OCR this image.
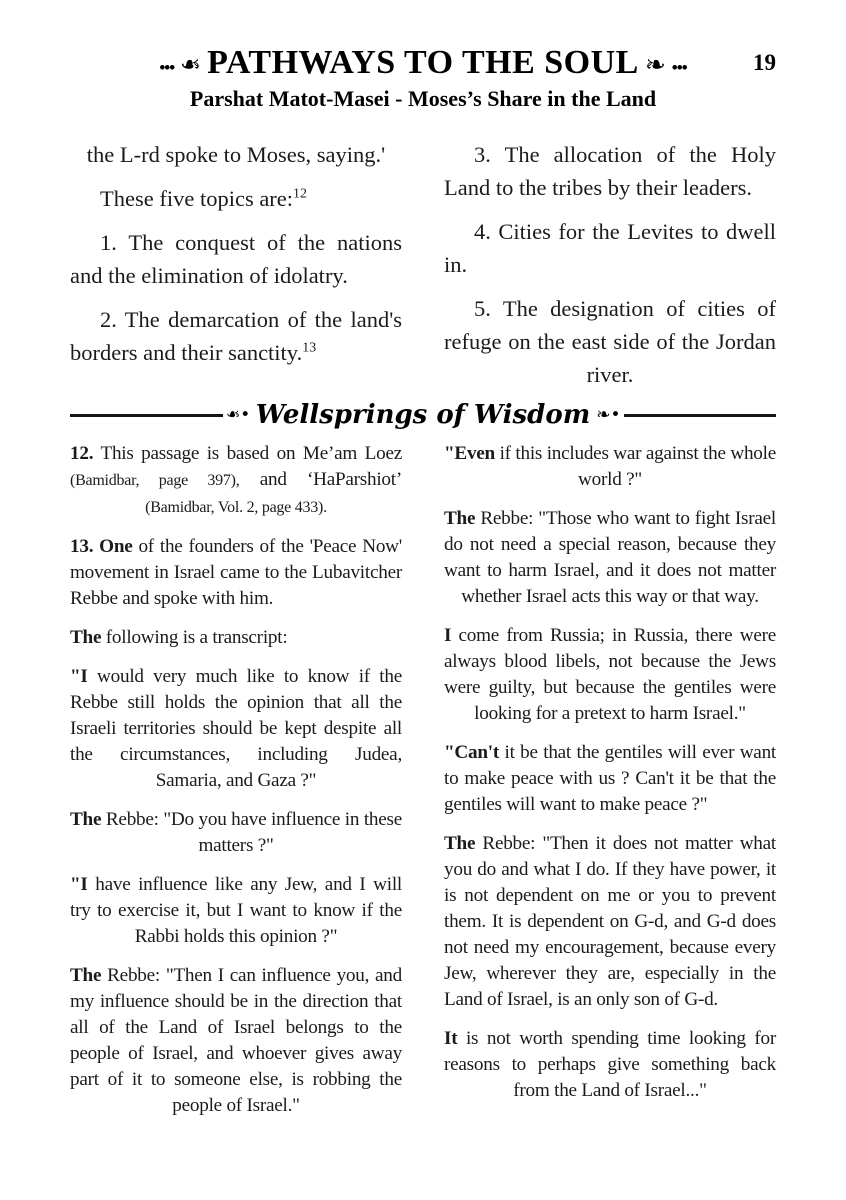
••• ❧ PATHWAYS TO THE SOUL ❧ •••	19
Parshat Matot-Masei - Moses’s Share in the Land

the L-rd spoke to Moses, saying.'

These five topics are:$^{12}$

1. The conquest of the nations and the elimination of idolatry.

2. The demarcation of the land's borders and their sanctity.$^{13}$

3. The allocation of the Holy Land to the tribes by their leaders.

4. Cities for the Levites to dwell in.

5. The designation of cities of refuge on the east side of the Jordan river.

•❧ Wellsprings of Wisdom ❧•

12. This passage is based on Me’am Loez (Bamidbar, page 397), and ‘HaParshiot’ (Bamidbar, Vol. 2, page 433).

13. One of the founders of the 'Peace Now' movement in Israel came to the Lubavitcher Rebbe and spoke with him.

The following is a transcript:

"I would very much like to know if the Rebbe still holds the opinion that all the Israeli territories should be kept despite all the circumstances, including Judea, Samaria, and Gaza ?"

The Rebbe: "Do you have influence in these matters ?"

"I have influence like any Jew, and I will try to exercise it, but I want to know if the Rabbi holds this opinion ?"

The Rebbe: "Then I can influence you, and my influence should be in the direction that all of the Land of Israel belongs to the people of Israel, and whoever gives away part of it to someone else, is robbing the people of Israel."

"Even if this includes war against the whole world ?"

The Rebbe: "Those who want to fight Israel do not need a special reason, because they want to harm Israel, and it does not matter whether Israel acts this way or that way.

I come from Russia; in Russia, there were always blood libels, not because the Jews were guilty, but because the gentiles were looking for a pretext to harm Israel."

"Can't it be that the gentiles will ever want to make peace with us ? Can't it be that the gentiles will want to make peace ?"

The Rebbe: "Then it does not matter what you do and what I do. If they have power, it is not dependent on me or you to prevent them. It is dependent on G-d, and G-d does not need my encouragement, because every Jew, wherever they are, especially in the Land of Israel, is an only son of G-d.

It is not worth spending time looking for reasons to perhaps give something back from the Land of Israel..."
